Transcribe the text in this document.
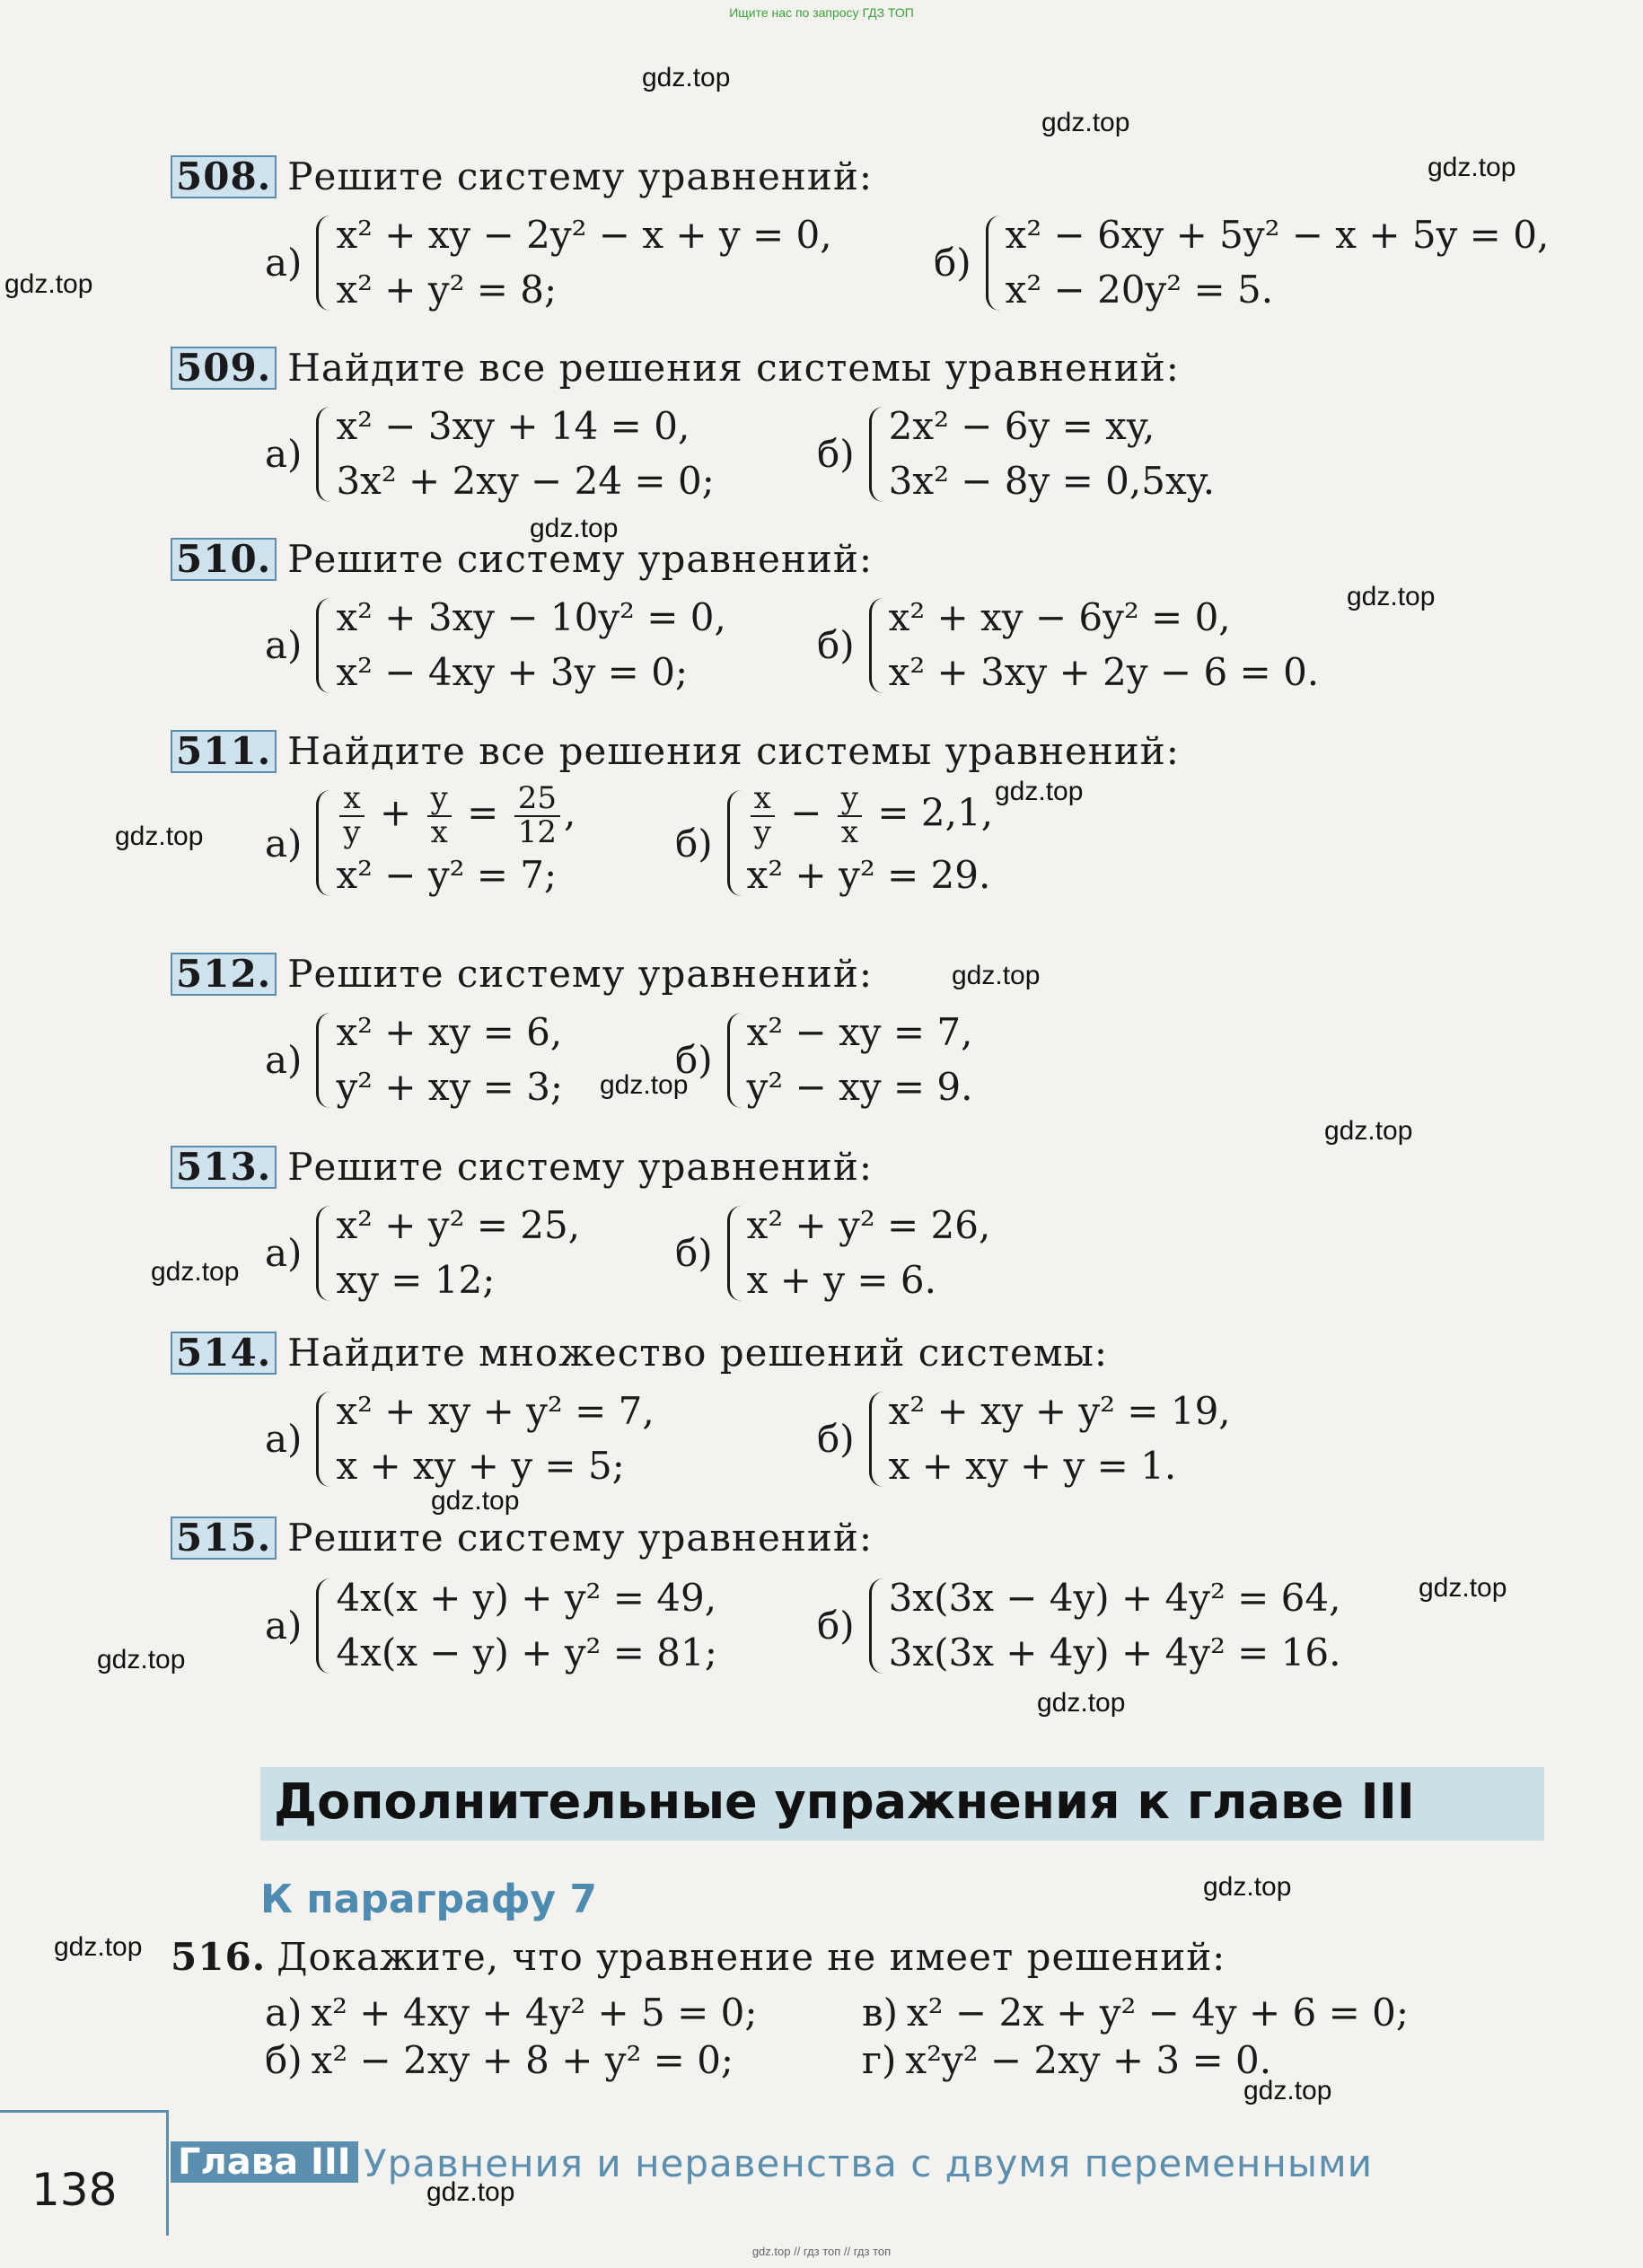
Ищите нас по запросу ГДЗ ТОП
gdz.top
gdz.top
gdz.top
gdz.top
gdz.top
gdz.top
gdz.top
gdz.top
gdz.top
gdz.top
gdz.top
gdz.top
gdz.top
gdz.top
gdz.top
gdz.top
gdz.top
gdz.top
gdz.top
gdz.top
508. Решите систему уравнений:
а)
x² + xy − 2y² − x + y = 0,
x² + y² = 8;
б)
x² − 6xy + 5y² − x + 5y = 0,
x² − 20y² = 5.
509. Найдите все решения системы уравнений:
а)
x² − 3xy + 14 = 0,
3x² + 2xy − 24 = 0;
б)
2x² − 6y = xy,
3x² − 8y = 0,5xy.
510. Решите систему уравнений:
а)
x² + 3xy − 10y² = 0,
x² − 4xy + 3y = 0;
б)
x² + xy − 6y² = 0,
x² + 3xy + 2y − 6 = 0.
511. Найдите все решения системы уравнений:
$а) \frac{x}{y} + \frac{y}{x} = \frac{25}{12}$ ,
x² − y² = 7;
$б) \frac{x}{y} - \frac{y}{x} = 2,1$,
x² + y² = 29.
512. Решите систему уравнений:
а)
x² + xy = 6,
y² + xy = 3;
б)
x² − xy = 7,
y² − xy = 9.
513. Решите систему уравнений:
а)
x² + y² = 25,
xy = 12;
б)
x² + y² = 26,
x + y = 6.
514. Найдите множество решений системы:
а)
x² + xy + y² = 7,
x + xy + y = 5;
б)
x² + xy + y² = 19,
x + xy + y = 1.
515. Решите систему уравнений:
а)
4x(x + y) + y² = 49,
4x(x − y) + y² = 81;
б)
3x(3x − 4y) + 4y² = 64,
3x(3x + 4y) + 4y² = 16.
Дополнительные упражнения к главе III
К параграфу 7
516. Докажите, что уравнение не имеет решений:
а) x² + 4xy + 4y² + 5 = 0;
б) x² − 2xy + 8 + y² = 0;
в) x² − 2x + y² − 4y + 6 = 0;
г) x²y² − 2xy + 3 = 0.
138
Глава III Уравнения и неравенства с двумя переменными
gdz.top // гдз топ // гдз топ
